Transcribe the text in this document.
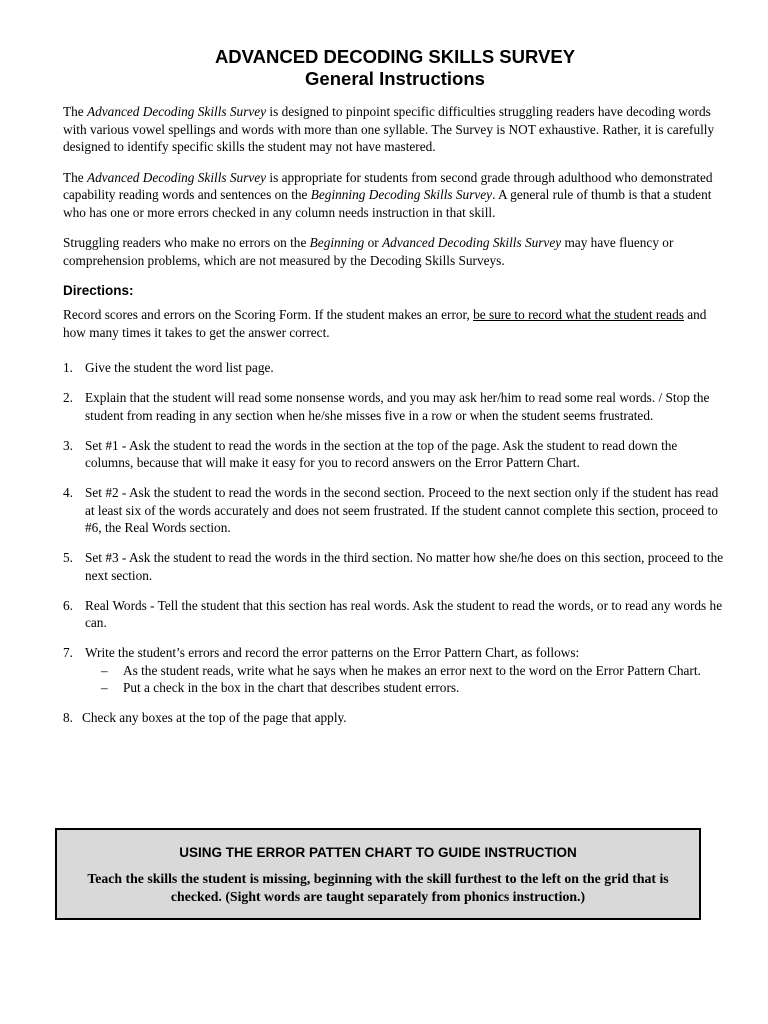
ADVANCED DECODING SKILLS SURVEY
General Instructions

The Advanced Decoding Skills Survey is designed to pinpoint specific difficulties struggling readers have decoding words with various vowel spellings and words with more than one syllable. The Survey is NOT exhaustive. Rather, it is carefully designed to identify specific skills the student may not have mastered.

The Advanced Decoding Skills Survey is appropriate for students from second grade through adulthood who demonstrated capability reading words and sentences on the Beginning Decoding Skills Survey. A general rule of thumb is that a student who has one or more errors checked in any column needs instruction in that skill.

Struggling readers who make no errors on the Beginning or Advanced Decoding Skills Survey may have fluency or comprehension problems, which are not measured by the Decoding Skills Surveys.

Directions:

Record scores and errors on the Scoring Form. If the student makes an error, be sure to record what the student reads and how many times it takes to get the answer correct.

1. Give the student the word list page.
2. Explain that the student will read some nonsense words, and you may ask her/him to read some real words. / Stop the student from reading in any section when he/she misses five in a row or when the student seems frustrated.
3. Set #1 - Ask the student to read the words in the section at the top of the page. Ask the student to read down the columns, because that will make it easy for you to record answers on the Error Pattern Chart.
4. Set #2 - Ask the student to read the words in the second section. Proceed to the next section only if the student has read at least six of the words accurately and does not seem frustrated. If the student cannot complete this section, proceed to #6, the Real Words section.
5. Set #3 - Ask the student to read the words in the third section. No matter how she/he does on this section, proceed to the next section.
6. Real Words - Tell the student that this section has real words. Ask the student to read the words, or to read any words he can.
7. Write the student’s errors and record the error patterns on the Error Pattern Chart, as follows:
– As the student reads, write what he says when he makes an error next to the word on the Error Pattern Chart.
– Put a check in the box in the chart that describes student errors.
8. Check any boxes at the top of the page that apply.
USING THE ERROR PATTEN CHART TO GUIDE INSTRUCTION
Teach the skills the student is missing, beginning with the skill furthest to the left on the grid that is checked. (Sight words are taught separately from phonics instruction.)
